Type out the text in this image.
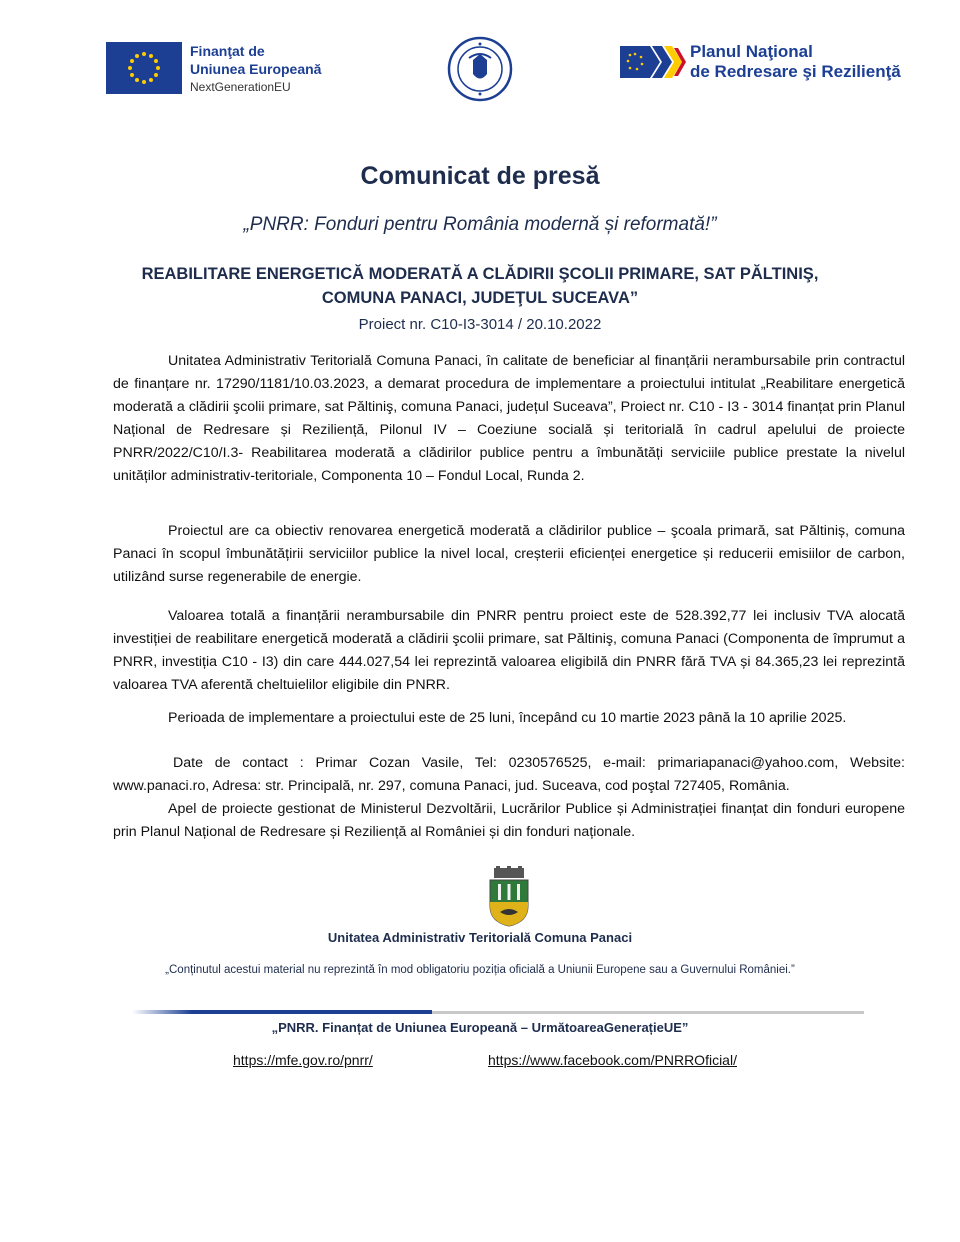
Finanţat de
Uniunea Europeană
NextGenerationEU
Planul Naţional
de Redresare şi Rezilienţă
Comunicat de presă
„PNRR: Fonduri pentru România modernă și reformată!”
REABILITARE ENERGETICĂ MODERATĂ A CLĂDIRII ŞCOLII PRIMARE, SAT PĂLTINIŞ, COMUNA PANACI, JUDEŢUL SUCEAVA”
Proiect nr. C10-I3-3014 / 20.10.2022
Unitatea Administrativ Teritorială Comuna Panaci, în calitate de beneficiar al finanțării nerambursabile prin contractul de finanțare nr. 17290/1181/10.03.2023, a demarat procedura de implementare a proiectului intitulat „Reabilitare energetică moderată a clădirii şcolii primare, sat Păltiniş, comuna Panaci, județul Suceava”, Proiect nr. C10 - I3 - 3014 finanțat prin Planul Național de Redresare și Reziliență, Pilonul IV – Coeziune socială și teritorială în cadrul apelului de proiecte PNRR/2022/C10/I.3- Reabilitarea moderată a clădirilor publice pentru a îmbunătăți serviciile publice prestate la nivelul unităților administrativ-teritoriale, Componenta 10 – Fondul Local, Runda 2.
Proiectul are ca obiectiv renovarea energetică moderată a clădirilor publice – şcoala primară, sat Păltiniș, comuna Panaci în scopul îmbunătățirii serviciilor publice la nivel local, creșterii eficienței energetice și reducerii emisiilor de carbon, utilizând surse regenerabile de energie.
Valoarea totală a finanțării nerambursabile din PNRR pentru proiect este de 528.392,77 lei inclusiv TVA alocată investiției de reabilitare energetică moderată a clădirii şcolii primare, sat Păltiniş, comuna Panaci (Componenta de împrumut a PNRR, investiția C10 - I3) din care 444.027,54 lei reprezintă valoarea eligibilă din PNRR fără TVA și 84.365,23 lei reprezintă valoarea TVA aferentă cheltuielilor eligibile din PNRR.
Perioada de implementare a proiectului este de 25 luni, începând cu 10 martie 2023 până la 10 aprilie 2025.
Date de contact : Primar Cozan Vasile, Tel: 0230576525, e-mail: primariapanaci@yahoo.com, Website: www.panaci.ro, Adresa: str. Principală, nr. 297, comuna Panaci, jud. Suceava, cod poştal 727405, România.
Apel de proiecte gestionat de Ministerul Dezvoltării, Lucrărilor Publice și Administrației finanțat din fonduri europene prin Planul Național de Redresare și Reziliență al României și din fonduri naționale.
Unitatea Administrativ Teritorială Comuna Panaci
„Conținutul acestui material nu reprezintă în mod obligatoriu poziția oficială a Uniunii Europene sau a Guvernului României.”
„PNRR. Finanțat de Uniunea Europeană – UrmătoareaGenerațieUE”
https://mfe.gov.ro/pnrr/	https://www.facebook.com/PNRROficial/
